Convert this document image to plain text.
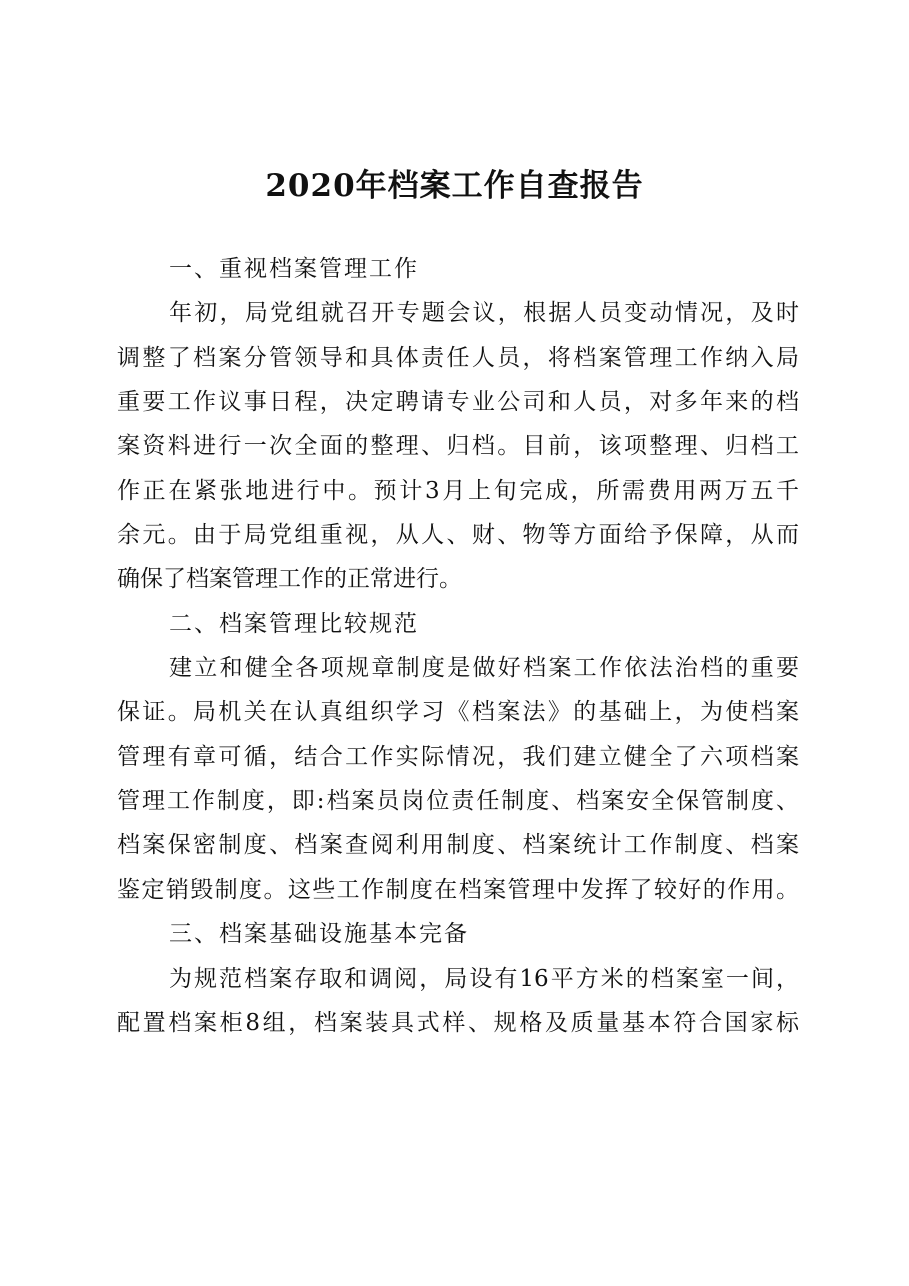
2020年档案工作自查报告
一、重视档案管理工作
年初，局党组就召开专题会议，根据人员变动情况，及时
调整了档案分管领导和具体责任人员，将档案管理工作纳入局
重要工作议事日程，决定聘请专业公司和人员，对多年来的档
案资料进行一次全面的整理、归档。目前，该项整理、归档工
作正在紧张地进行中。预计3月上旬完成，所需费用两万五千
余元。由于局党组重视，从人、财、物等方面给予保障，从而
确保了档案管理工作的正常进行。
二、档案管理比较规范
建立和健全各项规章制度是做好档案工作依法治档的重要
保证。局机关在认真组织学习《档案法》的基础上，为使档案
管理有章可循，结合工作实际情况，我们建立健全了六项档案
管理工作制度，即:档案员岗位责任制度、档案安全保管制度、
档案保密制度、档案查阅利用制度、档案统计工作制度、档案
鉴定销毁制度。这些工作制度在档案管理中发挥了较好的作用。
三、档案基础设施基本完备
为规范档案存取和调阅，局设有16平方米的档案室一间，
配置档案柜8组，档案装具式样、规格及质量基本符合国家标
